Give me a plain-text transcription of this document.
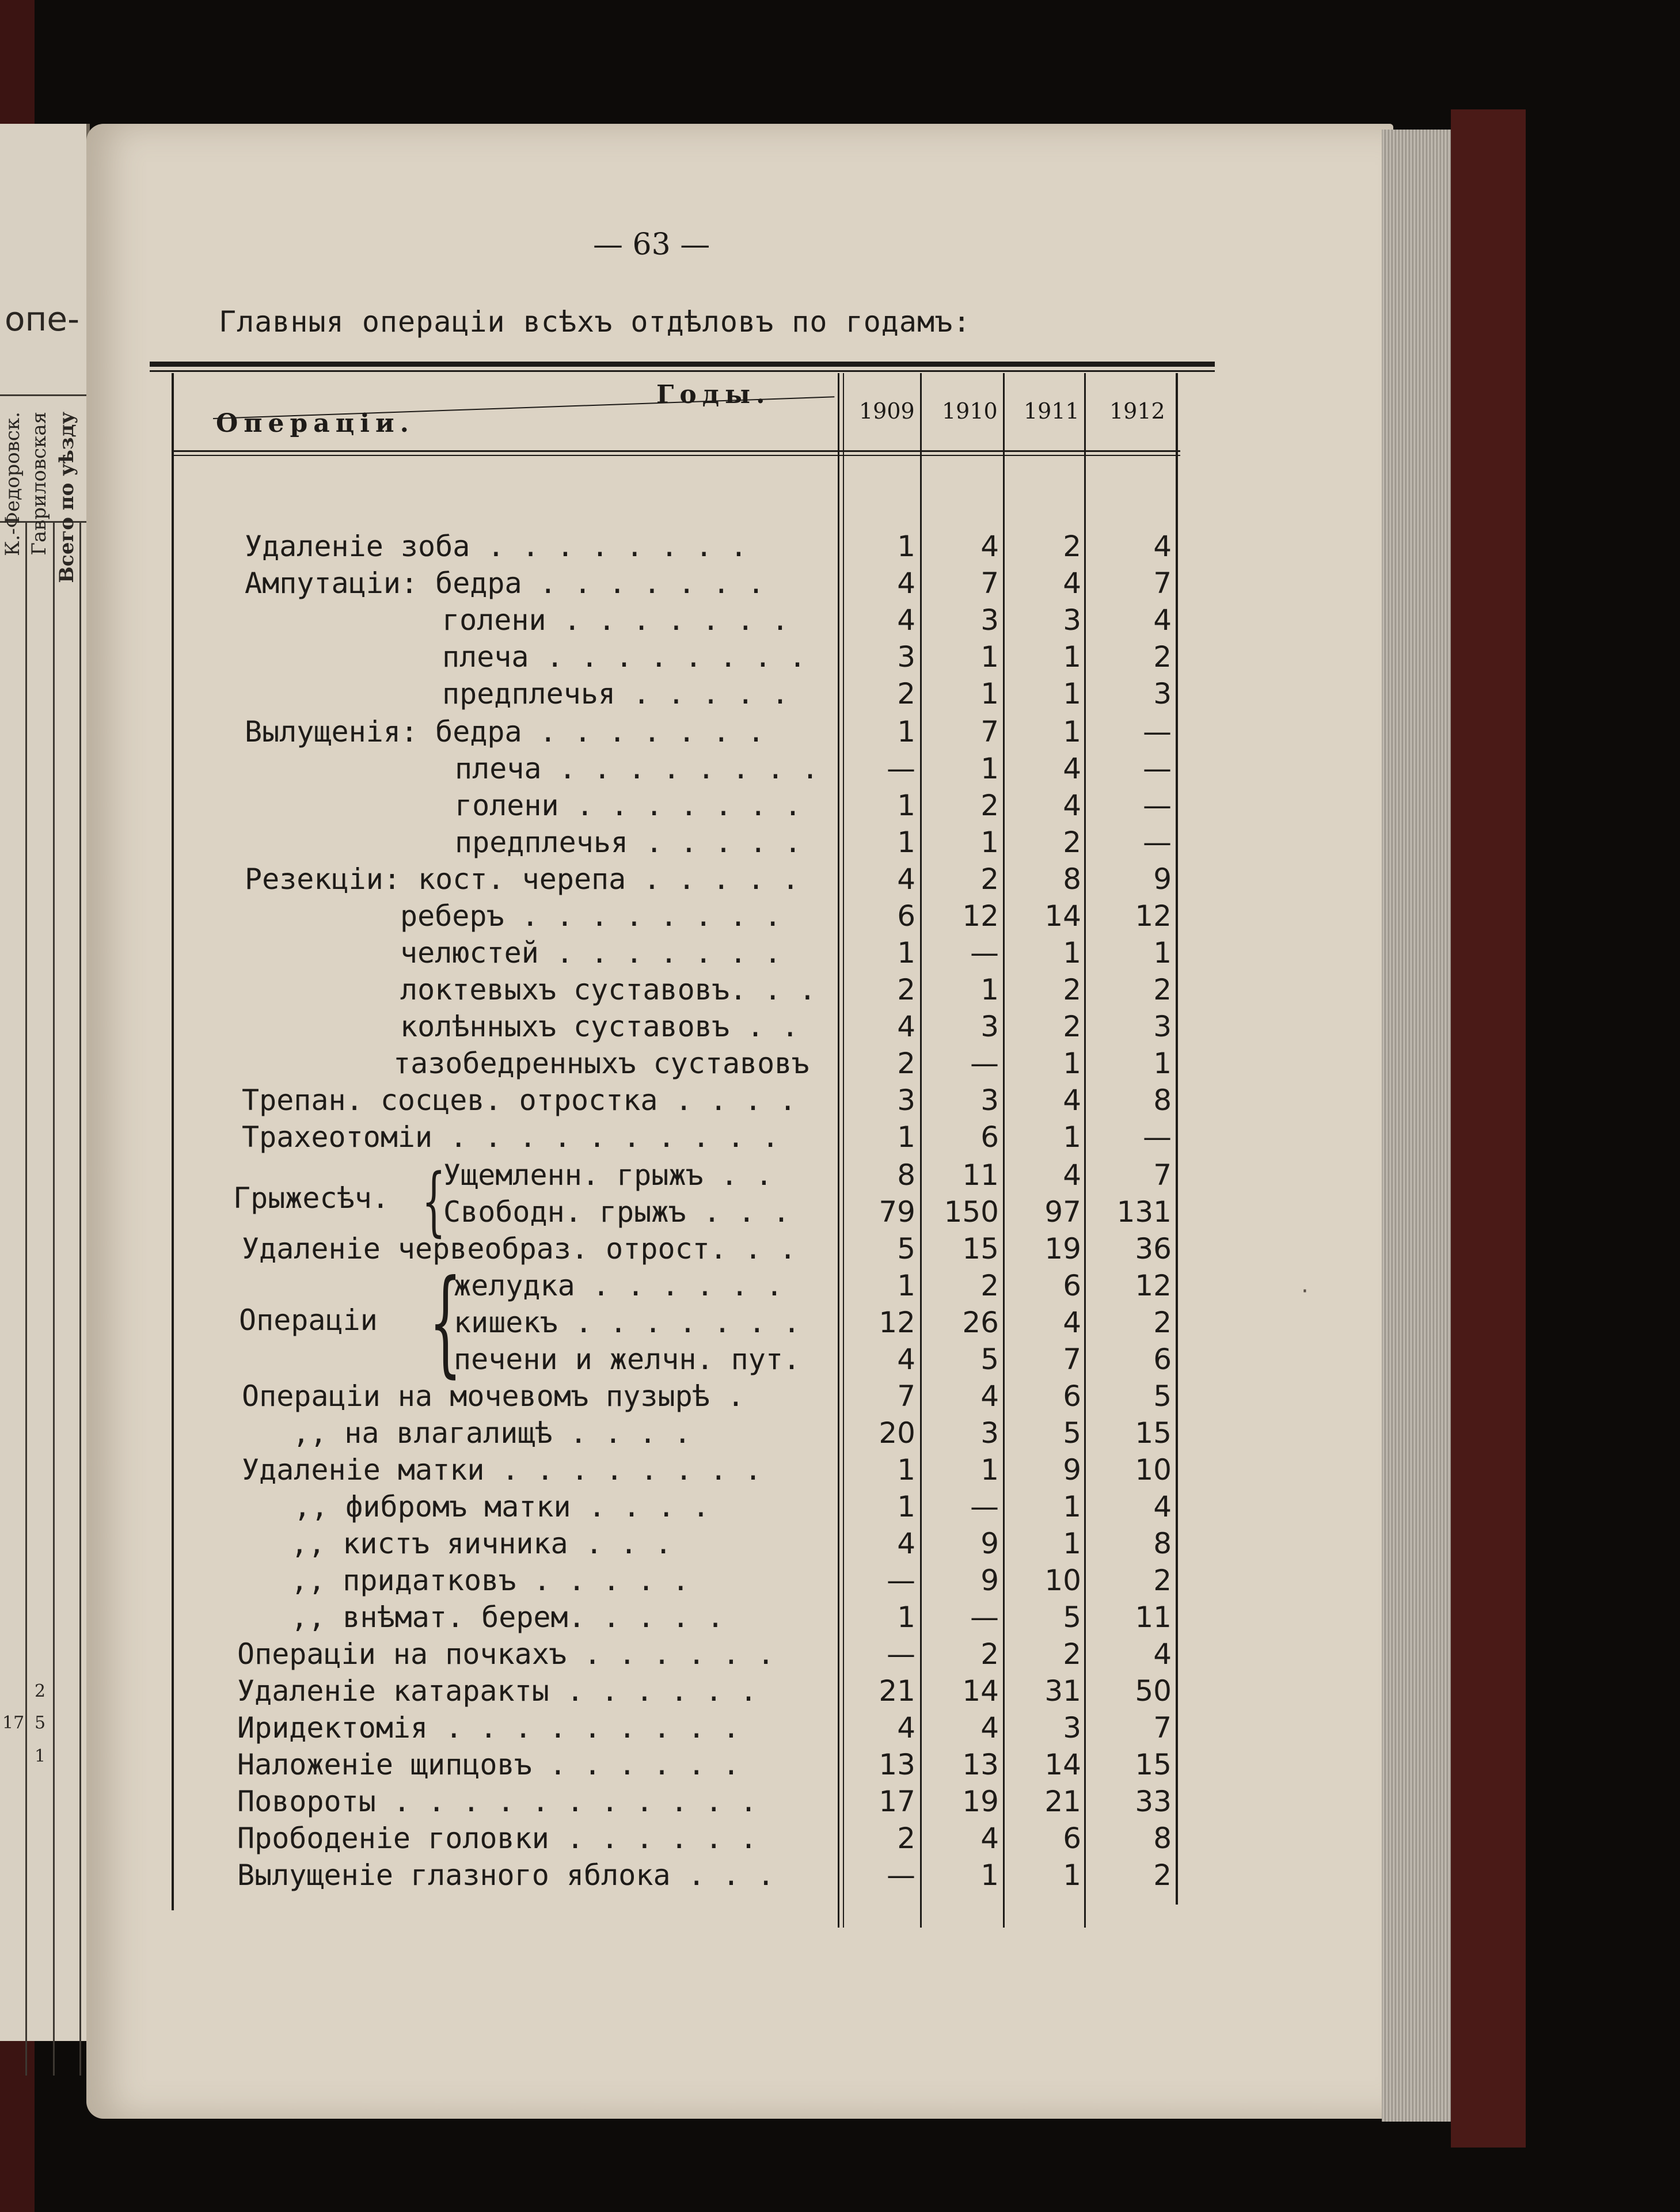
опе-
К.-Федоровск. Гавриловская Всего по уѣзду
2
17 5
1
— 63 —
Главныя операціи всѣхъ отдѣловъ по годамъ:
Годы.
Операціи.	1909 1910 1911 1912
Грыжесѣч. {
Операціи {
Удаленіе зоба . . . . . . . .	1	4	2	4
Ампутаціи: бедра . . . . . . .	4	7	4	7
голени . . . . . . .	4	3	3	4
плеча . . . . . . . .	3	1	1	2
предплечья . . . . .	2	1	1	3
Вылущенія: бедра . . . . . . .	1	7	1	—
плеча . . . . . . . .	—	1	4	—
голени . . . . . . .	1	2	4	—
предплечья . . . . .	1	1	2	—
Резекціи: кост. черепа . . . . .	4	2	8	9
реберъ . . . . . . . .	6	12	14	12
челюстей . . . . . . .	1	—	1	1
локтевыхъ суставовъ. . .	2	1	2	2
колѣнныхъ суставовъ . .	4	3	2	3
тазобедренныхъ суставовъ	2	—	1	1
Трепан. сосцев. отростка . . . .	3	3	4	8
Трахеотоміи . . . . . . . . . .	1	6	1	—
Ущемленн. грыжъ . .	8	11	4	7
Свободн. грыжъ . . .	79 150	97	131
Удаленіе червеобраз. отрост. . .	5	15	19	36
желудка . . . . . .	1	2	6	12
кишекъ . . . . . . .	12	26	4	2
печени и желчн. пут.	4	5	7	6
Операціи на мочевомъ пузырѣ .	7	4	6	5
,, на влагалищѣ . . . .	20	3	5	15
Удаленіе матки . . . . . . . .	1	1	9	10
,, фибромъ матки . . . .	1	—	1	4
,, кистъ яичника . . .	4	9	1	8
,, придатковъ . . . . .	—	9	10	2
,, внѣмат. берем. . . . .	1	—	5	11
Операціи на почкахъ . . . . . .	—	2	2	4
Удаленіе катаракты . . . . . .	21	14	31	50
Иридектомія . . . . . . . . .	4	4	3	7
Наложеніе щипцовъ . . . . . .	13	13	14	15
Повороты . . . . . . . . . . .	17	19	21	33
Прободеніе головки . . . . . .	2	4	6	8
Вылущеніе глазного яблока . . .	—	1	1	2
·
